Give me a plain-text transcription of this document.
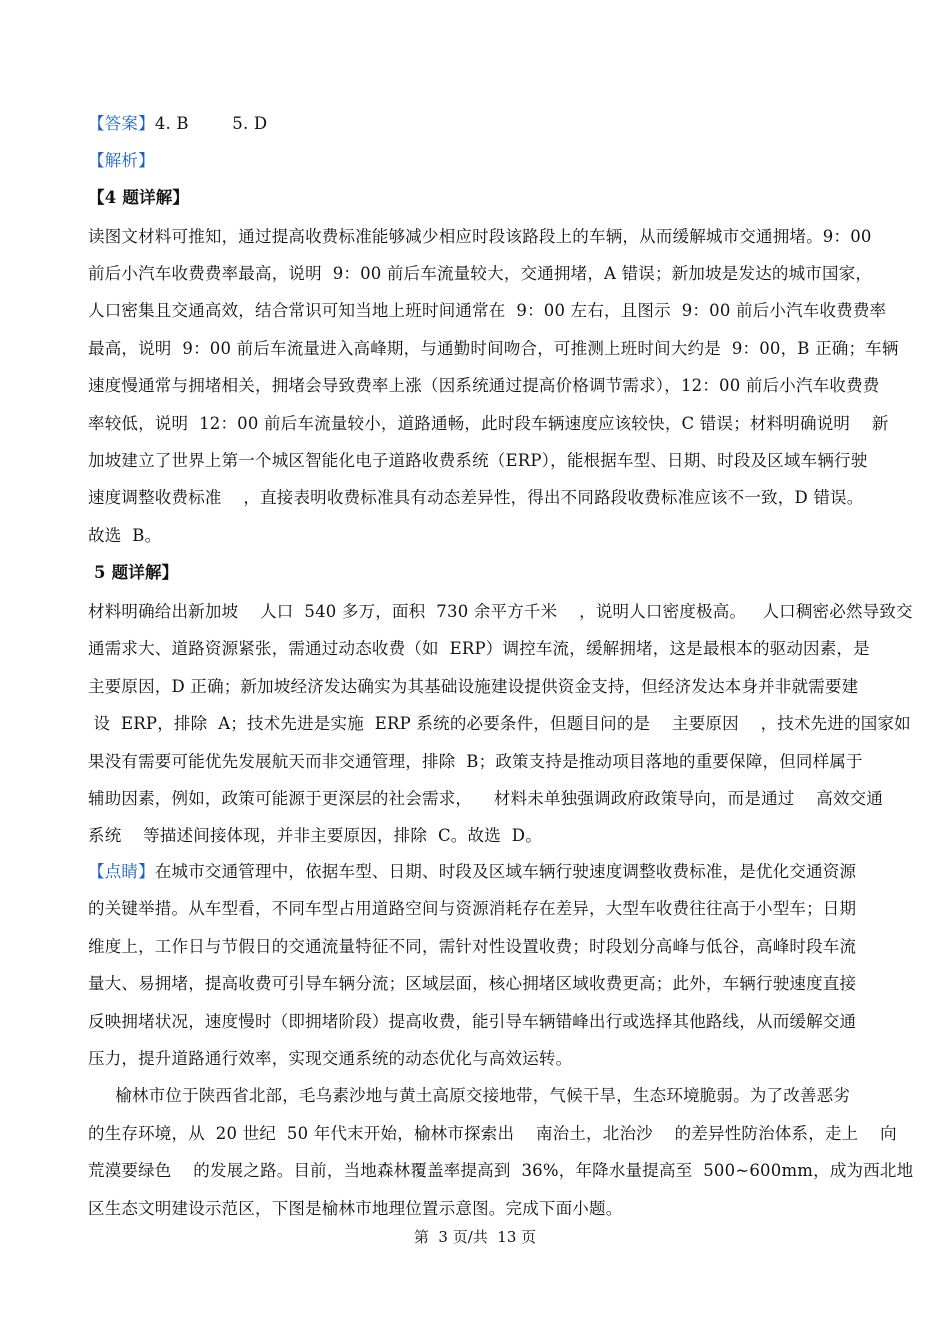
【答案】4. B        5. D
【解析】
【4 题详解】
读图文材料可推知，通过提高收费标准能够减少相应时段该路段上的车辆，从而缓解城市交通拥堵。9：00
前后小汽车收费费率最高，说明  9：00 前后车流量较大，交通拥堵，A 错误；新加坡是发达的城市国家，
人口密集且交通高效，结合常识可知当地上班时间通常在  9：00 左右，且图示  9：00 前后小汽车收费费率
最高，说明  9：00 前后车流量进入高峰期，与通勤时间吻合，可推测上班时间大约是  9：00，B 正确；车辆
速度慢通常与拥堵相关，拥堵会导致费率上涨（因系统通过提高价格调节需求），12：00 前后小汽车收费费
率较低，说明  12：00 前后车流量较小，道路通畅，此时段车辆速度应该较快，C 错误；材料明确说明    新
加坡建立了世界上第一个城区智能化电子道路收费系统（ERP），能根据车型、日期、时段及区域车辆行驶
速度调整收费标准    ，直接表明收费标准具有动态差异性，得出不同路段收费标准应该不一致，D 错误。
故选  B。
5 题详解】
材料明确给出新加坡    人口  540 多万，面积  730 余平方千米    ，说明人口密度极高。   人口稠密必然导致交
通需求大、道路资源紧张，需通过动态收费（如  ERP）调控车流，缓解拥堵，这是最根本的驱动因素，是
主要原因，D 正确；新加坡经济发达确实为其基础设施建设提供资金支持，但经济发达本身并非就需要建
设  ERP，排除  A；技术先进是实施  ERP 系统的必要条件，但题目问的是    主要原因    ，技术先进的国家如
果没有需要可能优先发展航天而非交通管理，排除  B；政策支持是推动项目落地的重要保障，但同样属于
辅助因素，例如，政策可能源于更深层的社会需求，    材料未单独强调政府政策导向，而是通过    高效交通
系统    等描述间接体现，并非主要原因，排除  C。故选  D。
【点睛】在城市交通管理中，依据车型、日期、时段及区域车辆行驶速度调整收费标准，是优化交通资源
的关键举措。从车型看，不同车型占用道路空间与资源消耗存在差异，大型车收费往往高于小型车；日期
维度上，工作日与节假日的交通流量特征不同，需针对性设置收费；时段划分高峰与低谷，高峰时段车流
量大、易拥堵，提高收费可引导车辆分流；区域层面，核心拥堵区域收费更高；此外，车辆行驶速度直接
反映拥堵状况，速度慢时（即拥堵阶段）提高收费，能引导车辆错峰出行或选择其他路线，从而缓解交通
压力，提升道路通行效率，实现交通系统的动态优化与高效运转。
榆林市位于陕西省北部，毛乌素沙地与黄土高原交接地带，气候干旱，生态环境脆弱。为了改善恶劣
的生存环境，从  20 世纪  50 年代末开始，榆林市探索出    南治土，北治沙    的差异性防治体系，走上    向
荒漠要绿色    的发展之路。目前，当地森林覆盖率提高到  36%，年降水量提高至  500~600mm，成为西北地
区生态文明建设示范区，下图是榆林市地理位置示意图。完成下面小题。
第  3 页/共  13 页
